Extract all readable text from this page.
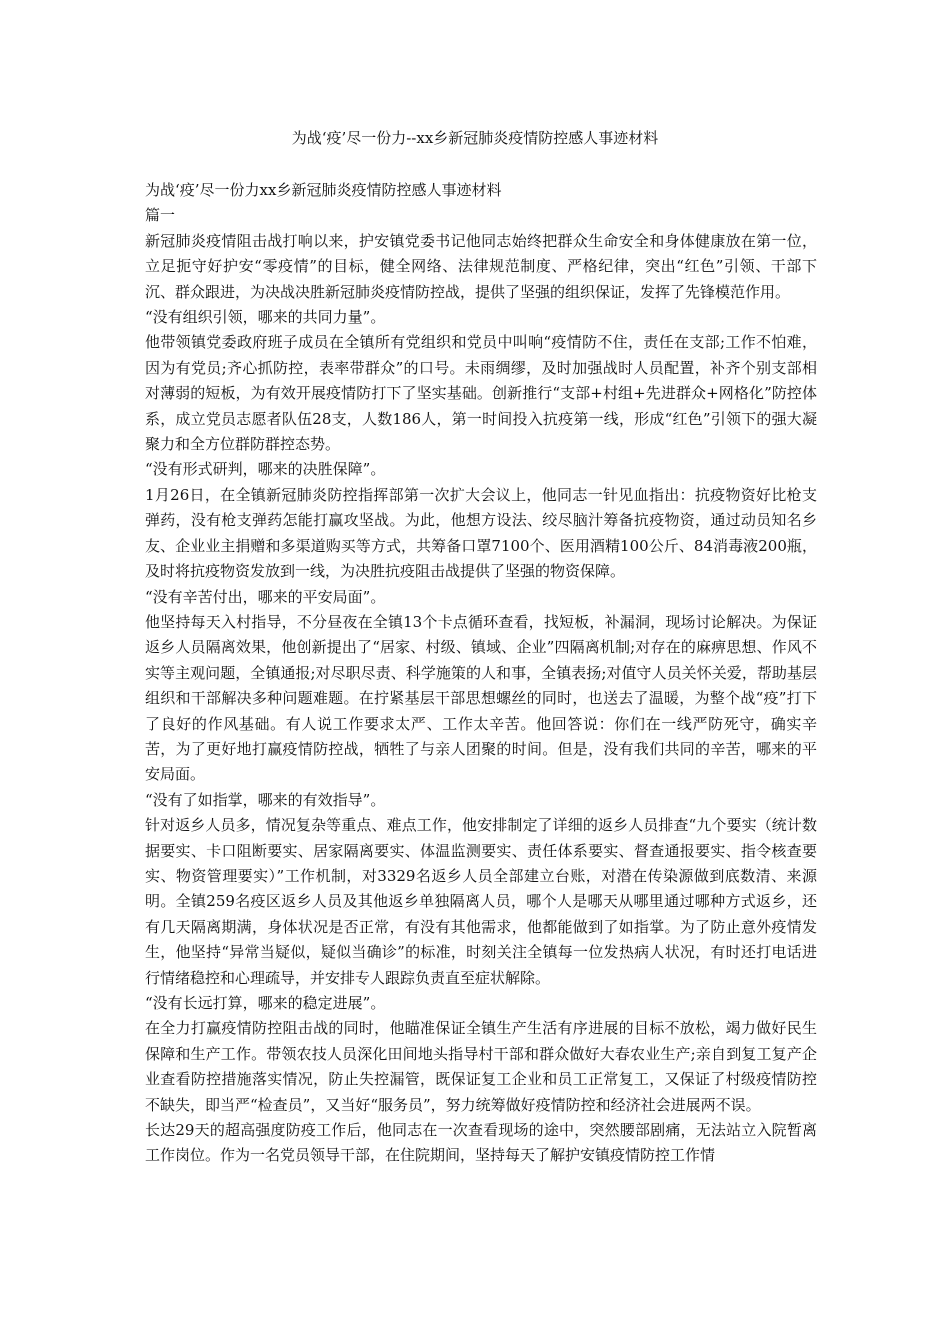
为战‘疫’尽一份力--xx乡新冠肺炎疫情防控感人事迹材料

为战‘疫’尽一份力xx乡新冠肺炎疫情防控感人事迹材料

篇一

新冠肺炎疫情阻击战打响以来，护安镇党委书记他同志始终把群众生命安全和身体健康放在第一位，立足扼守好护安“零疫情”的目标，健全网络、法律规范制度、严格纪律，突出“红色”引领、干部下沉、群众跟进，为决战决胜新冠肺炎疫情防控战，提供了坚强的组织保证，发挥了先锋模范作用。

“没有组织引领，哪来的共同力量”。

他带领镇党委政府班子成员在全镇所有党组织和党员中叫响“疫情防不住，责任在支部;工作不怕难，因为有党员;齐心抓防控，表率带群众”的口号。未雨绸缪，及时加强战时人员配置，补齐个别支部相对薄弱的短板，为有效开展疫情防打下了坚实基础。创新推行“支部+村组+先进群众+网格化”防控体系，成立党员志愿者队伍28支，人数186人，第一时间投入抗疫第一线，形成“红色”引领下的强大凝聚力和全方位群防群控态势。

“没有形式研判，哪来的决胜保障”。

1月26日，在全镇新冠肺炎防控指挥部第一次扩大会议上，他同志一针见血指出：抗疫物资好比枪支弹药，没有枪支弹药怎能打赢攻坚战。为此，他想方设法、绞尽脑汁筹备抗疫物资，通过动员知名乡友、企业业主捐赠和多渠道购买等方式，共筹备口罩7100个、医用酒精100公斤、84消毒液200瓶，及时将抗疫物资发放到一线，为决胜抗疫阻击战提供了坚强的物资保障。

“没有辛苦付出，哪来的平安局面”。

他坚持每天入村指导，不分昼夜在全镇13个卡点循环查看，找短板，补漏洞，现场讨论解决。为保证返乡人员隔离效果，他创新提出了“居家、村级、镇域、企业”四隔离机制;对存在的麻痹思想、作风不实等主观问题，全镇通报;对尽职尽责、科学施策的人和事，全镇表扬;对值守人员关怀关爱，帮助基层组织和干部解决多种问题难题。在拧紧基层干部思想螺丝的同时，也送去了温暖，为整个战“疫”打下了良好的作风基础。有人说工作要求太严、工作太辛苦。他回答说：你们在一线严防死守，确实辛苦，为了更好地打赢疫情防控战，牺牲了与亲人团聚的时间。但是，没有我们共同的辛苦，哪来的平安局面。

“没有了如指掌，哪来的有效指导”。

针对返乡人员多，情况复杂等重点、难点工作，他安排制定了详细的返乡人员排查“九个要实（统计数据要实、卡口阻断要实、居家隔离要实、体温监测要实、责任体系要实、督查通报要实、指令核查要实、物资管理要实）”工作机制，对3329名返乡人员全部建立台账，对潜在传染源做到底数清、来源明。全镇259名疫区返乡人员及其他返乡单独隔离人员，哪个人是哪天从哪里通过哪种方式返乡，还有几天隔离期满，身体状况是否正常，有没有其他需求，他都能做到了如指掌。为了防止意外疫情发生，他坚持“异常当疑似，疑似当确诊”的标准，时刻关注全镇每一位发热病人状况，有时还打电话进行情绪稳控和心理疏导，并安排专人跟踪负责直至症状解除。

“没有长远打算，哪来的稳定进展”。

在全力打赢疫情防控阻击战的同时，他瞄准保证全镇生产生活有序进展的目标不放松，竭力做好民生保障和生产工作。带领农技人员深化田间地头指导村干部和群众做好大春农业生产;亲自到复工复产企业查看防控措施落实情况，防止失控漏管，既保证复工企业和员工正常复工，又保证了村级疫情防控不缺失，即当严“检查员”，又当好“服务员”，努力统筹做好疫情防控和经济社会进展两不误。

长达29天的超高强度防疫工作后，他同志在一次查看现场的途中，突然腰部剧痛，无法站立入院暂离工作岗位。作为一名党员领导干部，在住院期间，坚持每天了解护安镇疫情防控工作情
